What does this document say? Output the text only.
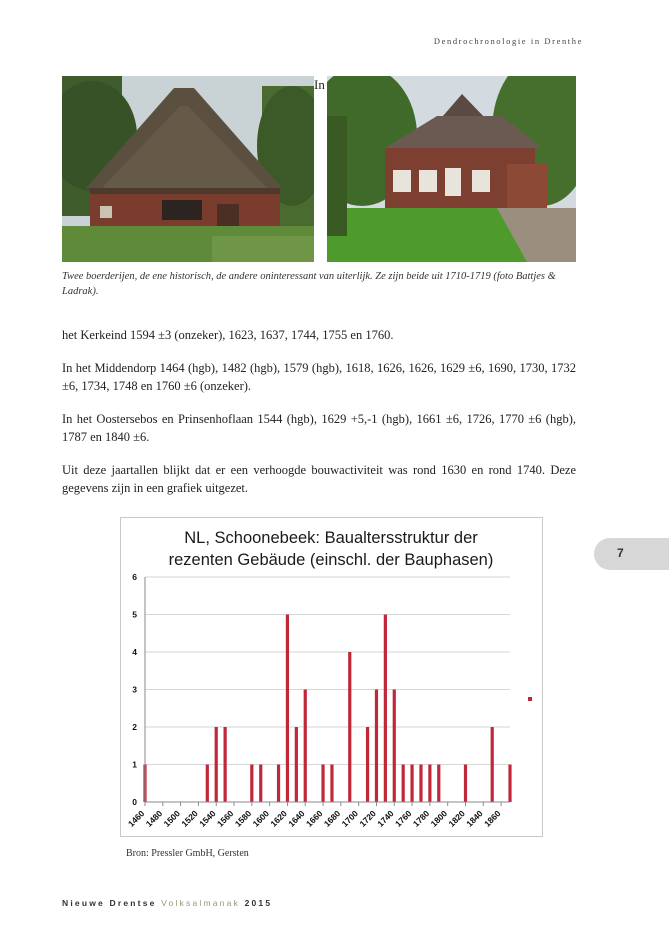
Dendrochronologie in Drenthe
In
Twee boerderijen, de ene historisch, de andere oninteressant van uiterlijk. Ze zijn beide uit 1710-1719 (foto Battjes & Ladrak).
het Kerkeind 1594 ±3 (onzeker), 1623, 1637, 1744, 1755 en 1760.
In het Middendorp 1464 (hgb), 1482 (hgb), 1579 (hgb), 1618, 1626, 1626, 1629 ±6, 1690, 1730, 1732 ±6, 1734, 1748 en 1760 ±6 (onzeker).
In het Oostersebos en Prinsenhoflaan 1544 (hgb), 1629 +5,-1 (hgb), 1661 ±6, 1726, 1770 ±6 (hgb), 1787 en 1840 ±6.
Uit deze jaartallen blijkt dat er een verhoogde bouwactiviteit was rond 1630 en rond 1740. Deze gegevens zijn in een grafiek uitgezet.
NL, Schoonebeek: Baualtersstruktur der
rezenten Gebäude (einschl. der Bauphasen)
0
1
2
3
4
5
6
1460
1480
1500
1520
1540
1560
1580
1600
1620
1640
1660
1680
1700
1720
1740
1760
1780
1800
1820
1840
1860
Bron: Pressler GmbH, Gersten
7
Nieuwe Drentse Volksalmanak 2015
